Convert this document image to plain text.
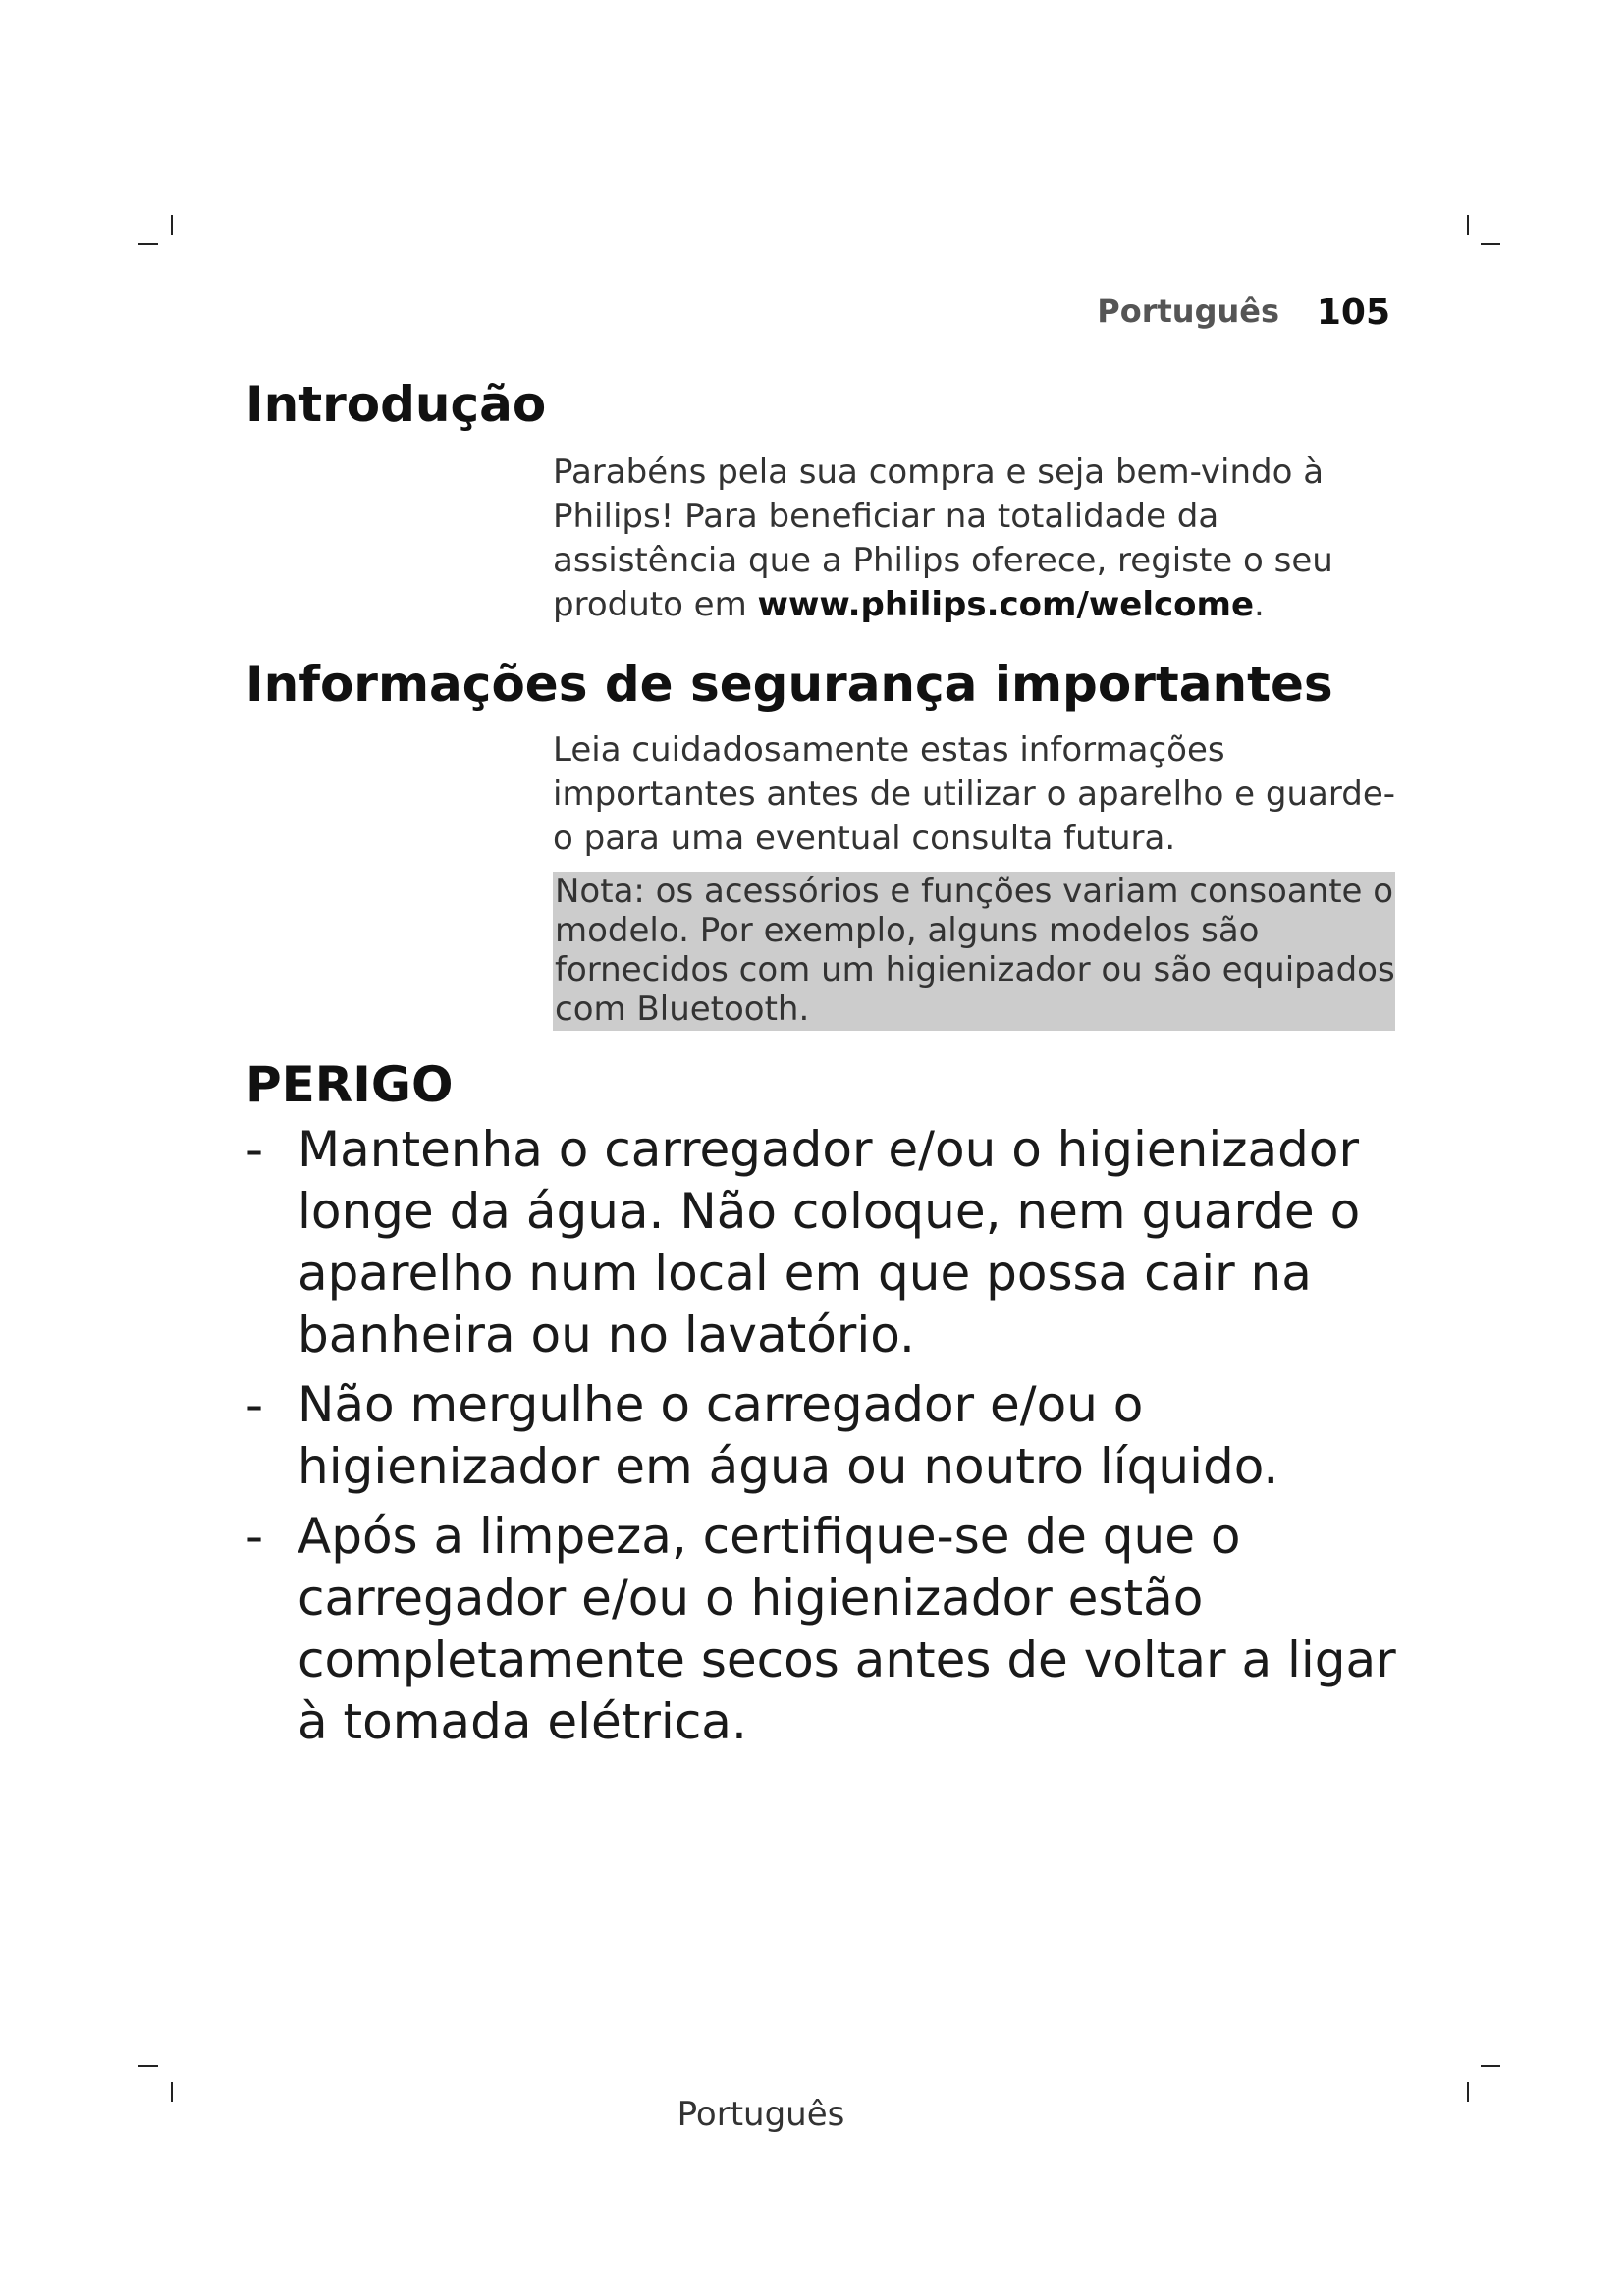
Português 105
Introdução

Parabéns pela sua compra e seja bem-vindo à Philips! Para beneficiar na totalidade da assistência que a Philips oferece, registe o seu produto em www.philips.com/welcome.

Informações de segurança importantes

Leia cuidadosamente estas informações importantes antes de utilizar o aparelho e guarde-o para uma eventual consulta futura.

Nota: os acessórios e funções variam consoante o modelo. Por exemplo, alguns modelos são fornecidos com um higienizador ou são equipados com Bluetooth.
PERIGO
- Mantenha o carregador e/ou o higienizador longe da água. Não coloque, nem guarde o aparelho num local em que possa cair na banheira ou no lavatório.
- Não mergulhe o carregador e/ou o higienizador em água ou noutro líquido.
- Após a limpeza, certifique-se de que o carregador e/ou o higienizador estão completamente secos antes de voltar a ligar à tomada elétrica.
Português
